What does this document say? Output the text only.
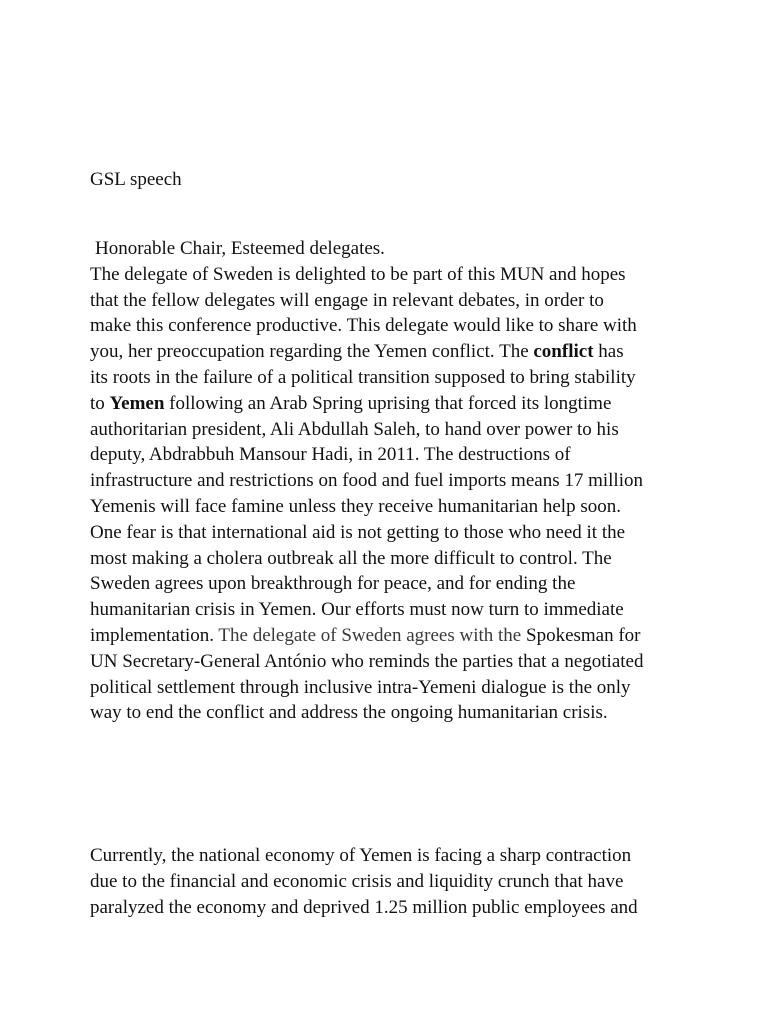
GSL speech
Honorable Chair, Esteemed delegates.
The delegate of Sweden is delighted to be part of this MUN and hopes
that the fellow delegates will engage in relevant debates, in order to
make this conference productive. This delegate would like to share with
you, her preoccupation regarding the Yemen conflict. The conflict has
its roots in the failure of a political transition supposed to bring stability
to Yemen following an Arab Spring uprising that forced its longtime
authoritarian president, Ali Abdullah Saleh, to hand over power to his
deputy, Abdrabbuh Mansour Hadi, in 2011. The destructions of
infrastructure and restrictions on food and fuel imports means 17 million
Yemenis will face famine unless they receive humanitarian help soon.
One fear is that international aid is not getting to those who need it the
most making a cholera outbreak all the more difficult to control. The
Sweden agrees upon breakthrough for peace, and for ending the
humanitarian crisis in Yemen. Our efforts must now turn to immediate
implementation. The delegate of Sweden agrees with the Spokesman for
UN Secretary-General António who reminds the parties that a negotiated
political settlement through inclusive intra-Yemeni dialogue is the only
way to end the conflict and address the ongoing humanitarian crisis.
Currently, the national economy of Yemen is facing a sharp contraction
due to the financial and economic crisis and liquidity crunch that have
paralyzed the economy and deprived 1.25 million public employees and
